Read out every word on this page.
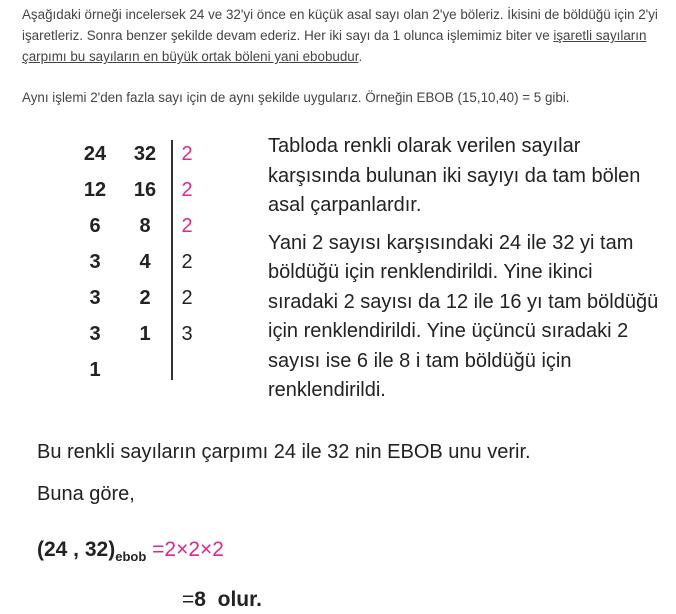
Aşağıdaki örneği incelersek 24 ve 32'yi önce en küçük asal sayı olan 2'ye böleriz. İkisini de böldüğü için 2'yi işaretleriz. Sonra benzer şekilde devam ederiz. Her iki sayı da 1 olunca işlemimiz biter ve işaretli sayıların çarpımı bu sayıların en büyük ortak böleni yani ebobudur.

Aynı işlemi 2'den fazla sayı için de aynı şekilde uygularız. Örneğin EBOB (15,10,40) = 5 gibi.
24 32	2
12 16	2
6	8	2
3	4	2
3	2	2
3	1	3
1

Tabloda renkli olarak verilen sayılar karşısında bulunan iki sayıyı da tam bölen asal çarpanlardır.

Yani 2 sayısı karşısındaki 24 ile 32 yi tam böldüğü için renklendirildi. Yine ikinci sıradaki 2 sayısı da 12 ile 16 yı tam böldüğü için renklendirildi. Yine üçüncü sıradaki 2 sayısı ise 6 ile 8 i tam böldüğü için renklendirildi.

Bu renkli sayıların çarpımı 24 ile 32 nin EBOB unu verir.
Buna göre,
(24 , $32)_{ebob} =2\times 2\times 2$
=8 olur.
